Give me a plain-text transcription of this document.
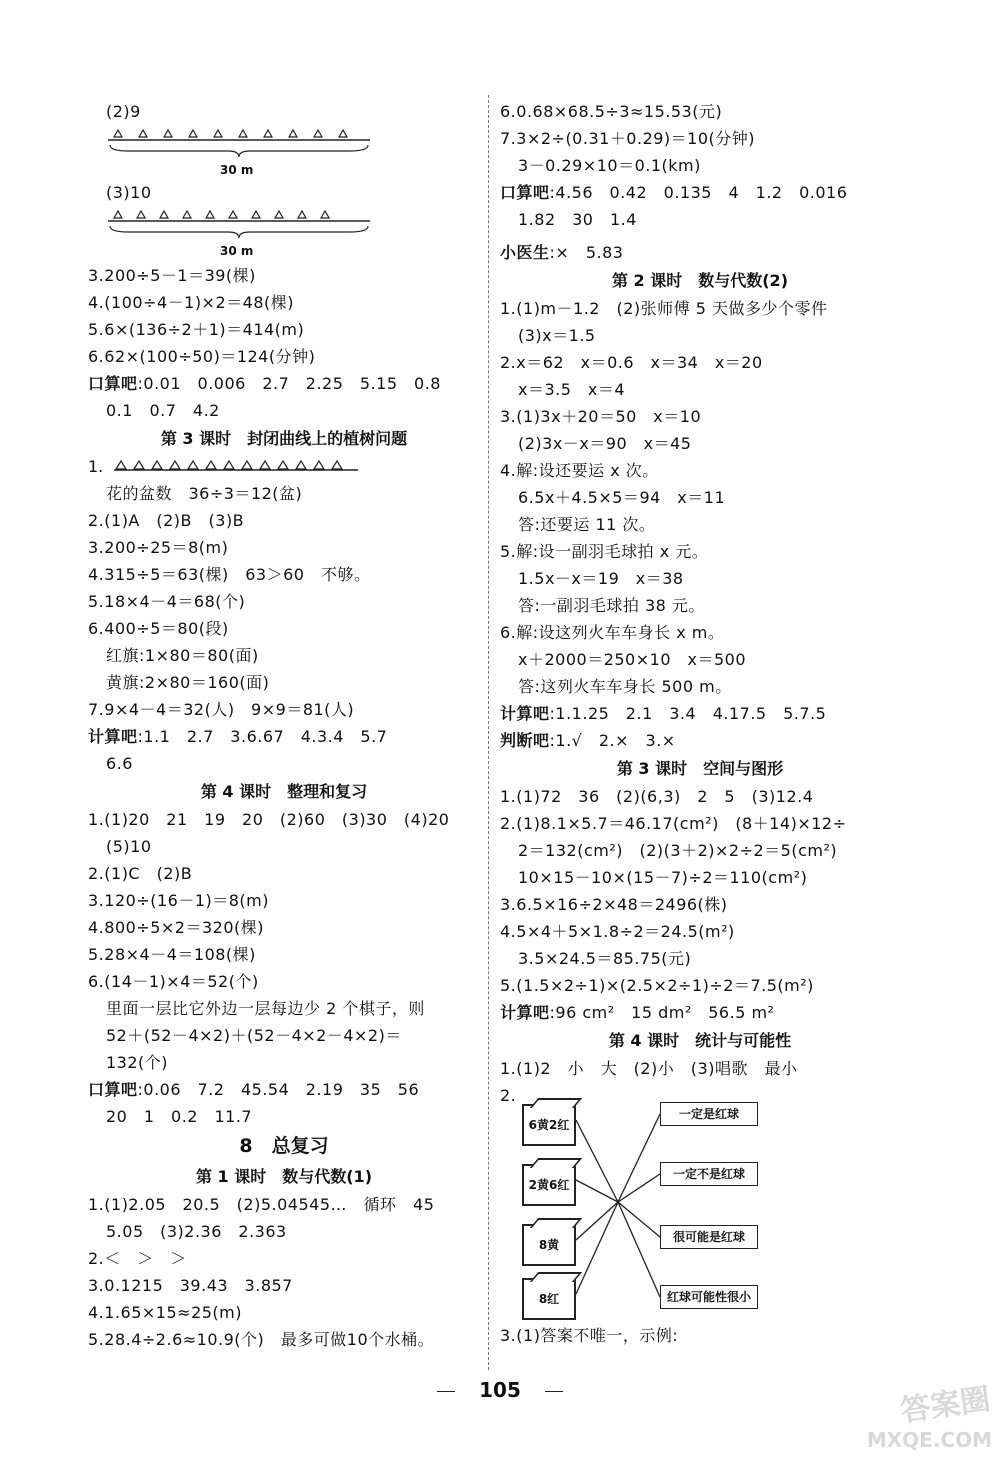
(2)9
30 m
(3)10
30 m
3.200÷5－1＝39(棵)
4.(100÷4－1)×2＝48(棵)
5.6×(136÷2＋1)＝414(m)
6.62×(100÷50)＝124(分钟)
口算吧:0.01　0.006　2.7　2.25　5.15　0.8
0.1　0.7　4.2
第 3 课时　封闭曲线上的植树问题
1.
花的盆数　36÷3＝12(盆)
2.(1)A　(2)B　(3)B
3.200÷25＝8(m)
4.315÷5＝63(棵)　63＞60　不够。
5.18×4－4＝68(个)
6.400÷5＝80(段)
红旗:1×80＝80(面)
黄旗:2×80＝160(面)
7.9×4－4＝32(人)　9×9＝81(人)
计算吧:1.1　2.7　3.6.67　4.3.4　5.7
6.6
第 4 课时　整理和复习
1.(1)20　21　19　20　(2)60　(3)30　(4)20
(5)10
2.(1)C　(2)B
3.120÷(16－1)＝8(m)
4.800÷5×2＝320(棵)
5.28×4－4＝108(棵)
6.(14－1)×4＝52(个)
里面一层比它外边一层每边少 2 个棋子，则
52＋(52－4×2)＋(52－4×2－4×2)＝
132(个)
口算吧:0.06　7.2　45.54　2.19　35　56
20　1　0.2　11.7
8　总复习
第 1 课时　数与代数(1)
1.(1)2.05　20.5　(2)5.04545…　循环　45
5.05　(3)2.36　2.363
2.＜　＞　＞
3.0.1215　39.43　3.857
4.1.65×15≈25(m)
5.28.4÷2.6≈10.9(个)　最多可做10个水桶。
6.0.68×68.5÷3≈15.53(元)
7.3×2÷(0.31＋0.29)＝10(分钟)
3－0.29×10＝0.1(km)
口算吧:4.56　0.42　0.135　4　1.2　0.016
1.82　30　1.4
小医生:×　5.83
第 2 课时　数与代数(2)
1.(1)m－1.2　(2)张师傅 5 天做多少个零件
(3)x＝1.5
2.x＝62　x＝0.6　x＝34　x＝20
x＝3.5　x＝4
3.(1)3x＋20＝50　x＝10
(2)3x－x＝90　x＝45
4.解:设还要运 x 次。
6.5x＋4.5×5＝94　x＝11
答:还要运 11 次。
5.解:设一副羽毛球拍 x 元。
1.5x－x＝19　x＝38
答:一副羽毛球拍 38 元。
6.解:设这列火车车身长 x m。
x＋2000＝250×10　x＝500
答:这列火车车身长 500 m。
计算吧:1.1.25　2.1　3.4　4.17.5　5.7.5
判断吧:1.√　2.×　3.×
第 3 课时　空间与图形
1.(1)72　36　(2)(6,3)　2　5　(3)12.4
2.(1)8.1×5.7＝46.17(cm²)　(8＋14)×12÷
2＝132(cm²)　(2)(3＋2)×2÷2＝5(cm²)
10×15－10×(15－7)÷2＝110(cm²)
3.6.5×16÷2×48＝2496(株)
4.5×4＋5×1.8÷2＝24.5(m²)
3.5×24.5＝85.75(元)
5.(1.5×2÷1)×(2.5×2÷1)÷2＝7.5(m²)
计算吧:96 cm²　15 dm²　56.5 m²
第 4 课时　统计与可能性
1.(1)2　小　大　(2)小　(3)唱歌　最小
2.
6黄2红
2黄6红
8黄
8红
一定是红球
一定不是红球
很可能是红球
红球可能性很小
3.(1)答案不唯一，示例:
105	答案圈
MXQE.COM
